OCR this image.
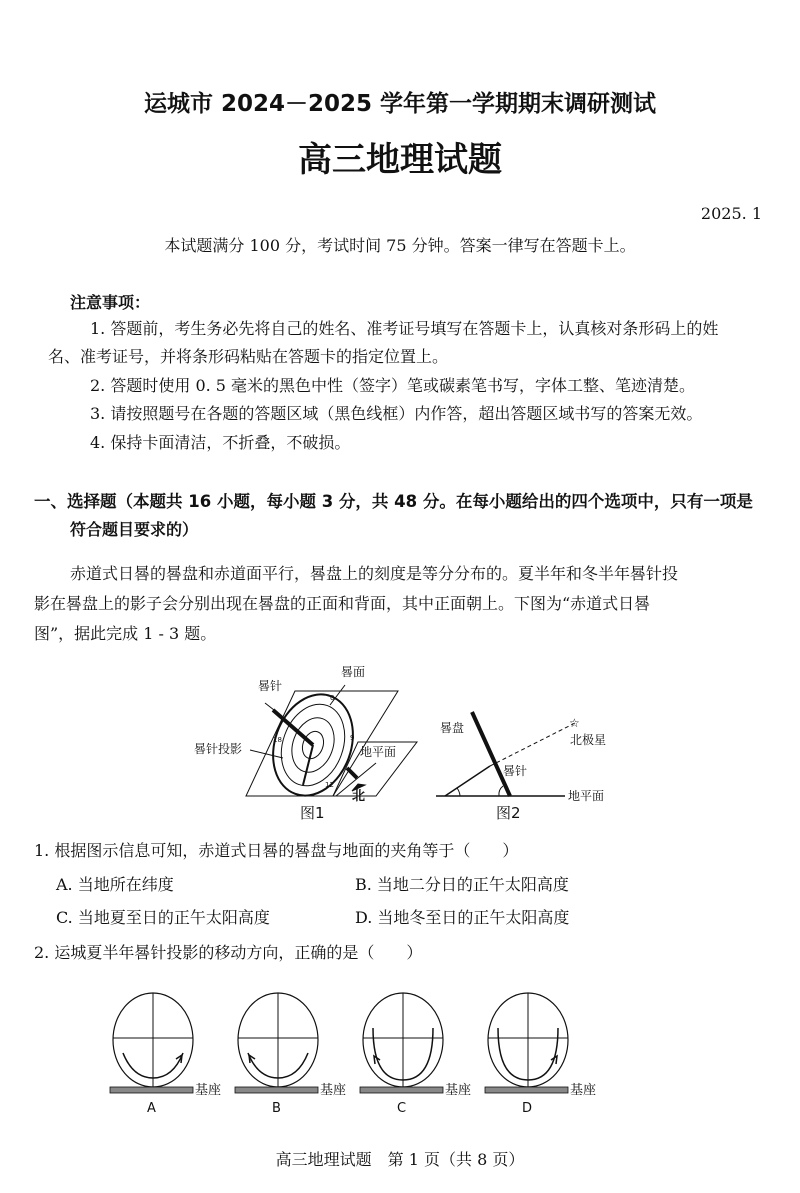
运城市 2024－2025 学年第一学期期末调研测试
高三地理试题
2025. 1
本试题满分 100 分，考试时间 75 分钟。答案一律写在答题卡上。
注意事项：
1. 答题前，考生务必先将自己的姓名、准考证号填写在答题卡上，认真核对条形码上的姓
名、准考证号，并将条形码粘贴在答题卡的指定位置上。
2. 答题时使用 0. 5 毫米的黑色中性（签字）笔或碳素笔书写，字体工整、笔迹清楚。
3. 请按照题号在各题的答题区域（黑色线框）内作答，超出答题区域书写的答案无效。
4. 保持卡面清洁，不折叠，不破损。
一、选择题（本题共 16 小题，每小题 3 分，共 48 分。在每小题给出的四个选项中，只有一项是
符合题目要求的）
赤道式日晷的晷盘和赤道面平行，晷盘上的刻度是等分分布的。夏半年和冬半年晷针投
影在晷盘上的影子会分别出现在晷盘的正面和背面，其中正面朝上。下图为“赤道式日晷
图”，据此完成 1 - 3 题。
晷针
晷面
晷针投影	地平面
北
图1
0
9
12
18
☆
晷盘
北极星
晷针
地平面
图2
1. 根据图示信息可知，赤道式日晷的晷盘与地面的夹角等于（　　）
A. 当地所在纬度	B. 当地二分日的正午太阳高度
C. 当地夏至日的正午太阳高度	D. 当地冬至日的正午太阳高度
2. 运城夏半年晷针投影的移动方向，正确的是（　　）
基座
A
基座
B
基座
C
基座
D
高三地理试题　第 1 页（共 8 页）
